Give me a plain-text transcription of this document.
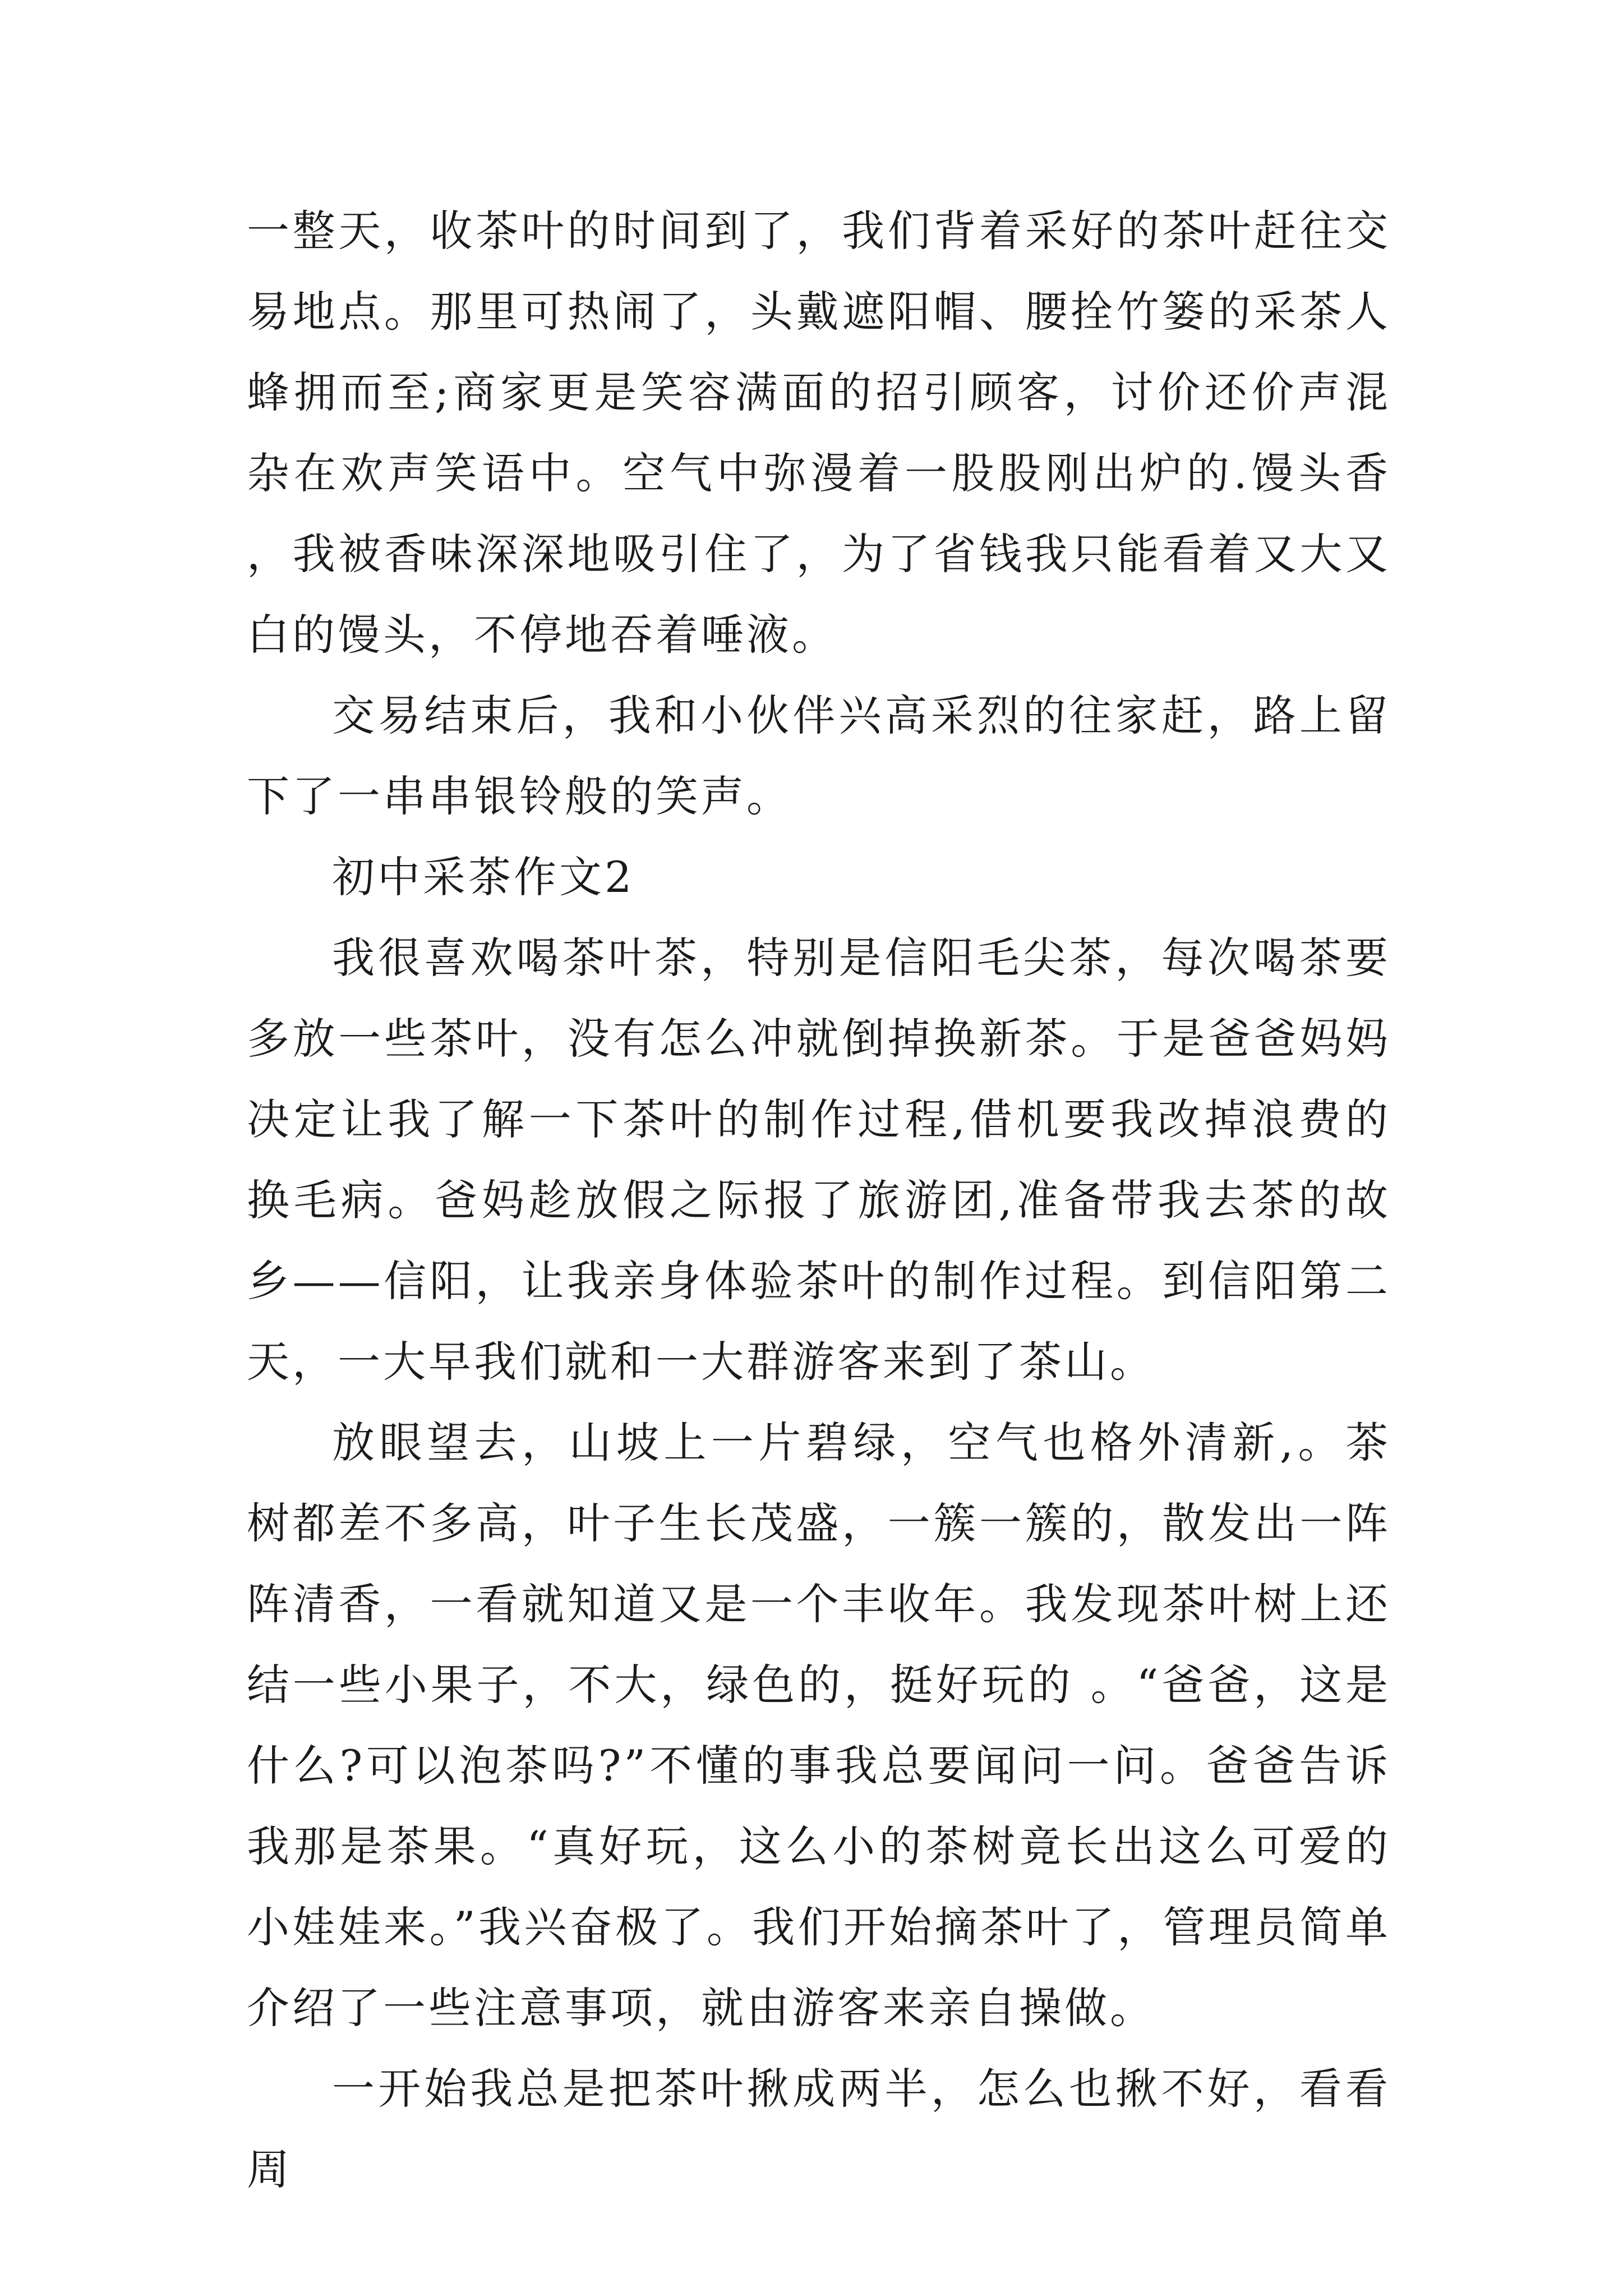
一整天，收茶叶的时间到了，我们背着采好的茶叶赶往交易地点。那里可热闹了，头戴遮阳帽、腰拴竹篓的采茶人蜂拥而至;商家更是笑容满面的招引顾客，讨价还价声混杂在欢声笑语中。空气中弥漫着一股股刚出炉的.馒头香，我被香味深深地吸引住了，为了省钱我只能看着又大又白的馒头，不停地吞着唾液。

交易结束后，我和小伙伴兴高采烈的往家赶，路上留下了一串串银铃般的笑声。

初中采茶作文2

我很喜欢喝茶叶茶，特别是信阳毛尖茶，每次喝茶要多放一些茶叶，没有怎么冲就倒掉换新茶。于是爸爸妈妈决定让我了解一下茶叶的制作过程,借机要我改掉浪费的换毛病。爸妈趁放假之际报了旅游团,准备带我去茶的故乡——信阳，让我亲身体验茶叶的制作过程。到信阳第二天，一大早我们就和一大群游客来到了茶山。

放眼望去，山坡上一片碧绿，空气也格外清新,。茶树都差不多高，叶子生长茂盛，一簇一簇的，散发出一阵阵清香，一看就知道又是一个丰收年。我发现茶叶树上还结一些小果子，不大，绿色的，挺好玩的 。“爸爸，这是什么?可以泡茶吗?”不懂的事我总要闻问一问。爸爸告诉我那是茶果。“真好玩，这么小的茶树竟长出这么可爱的小娃娃来。”我兴奋极了。我们开始摘茶叶了，管理员简单介绍了一些注意事项，就由游客来亲自操做。

一开始我总是把茶叶揪成两半，怎么也揪不好，看看周
